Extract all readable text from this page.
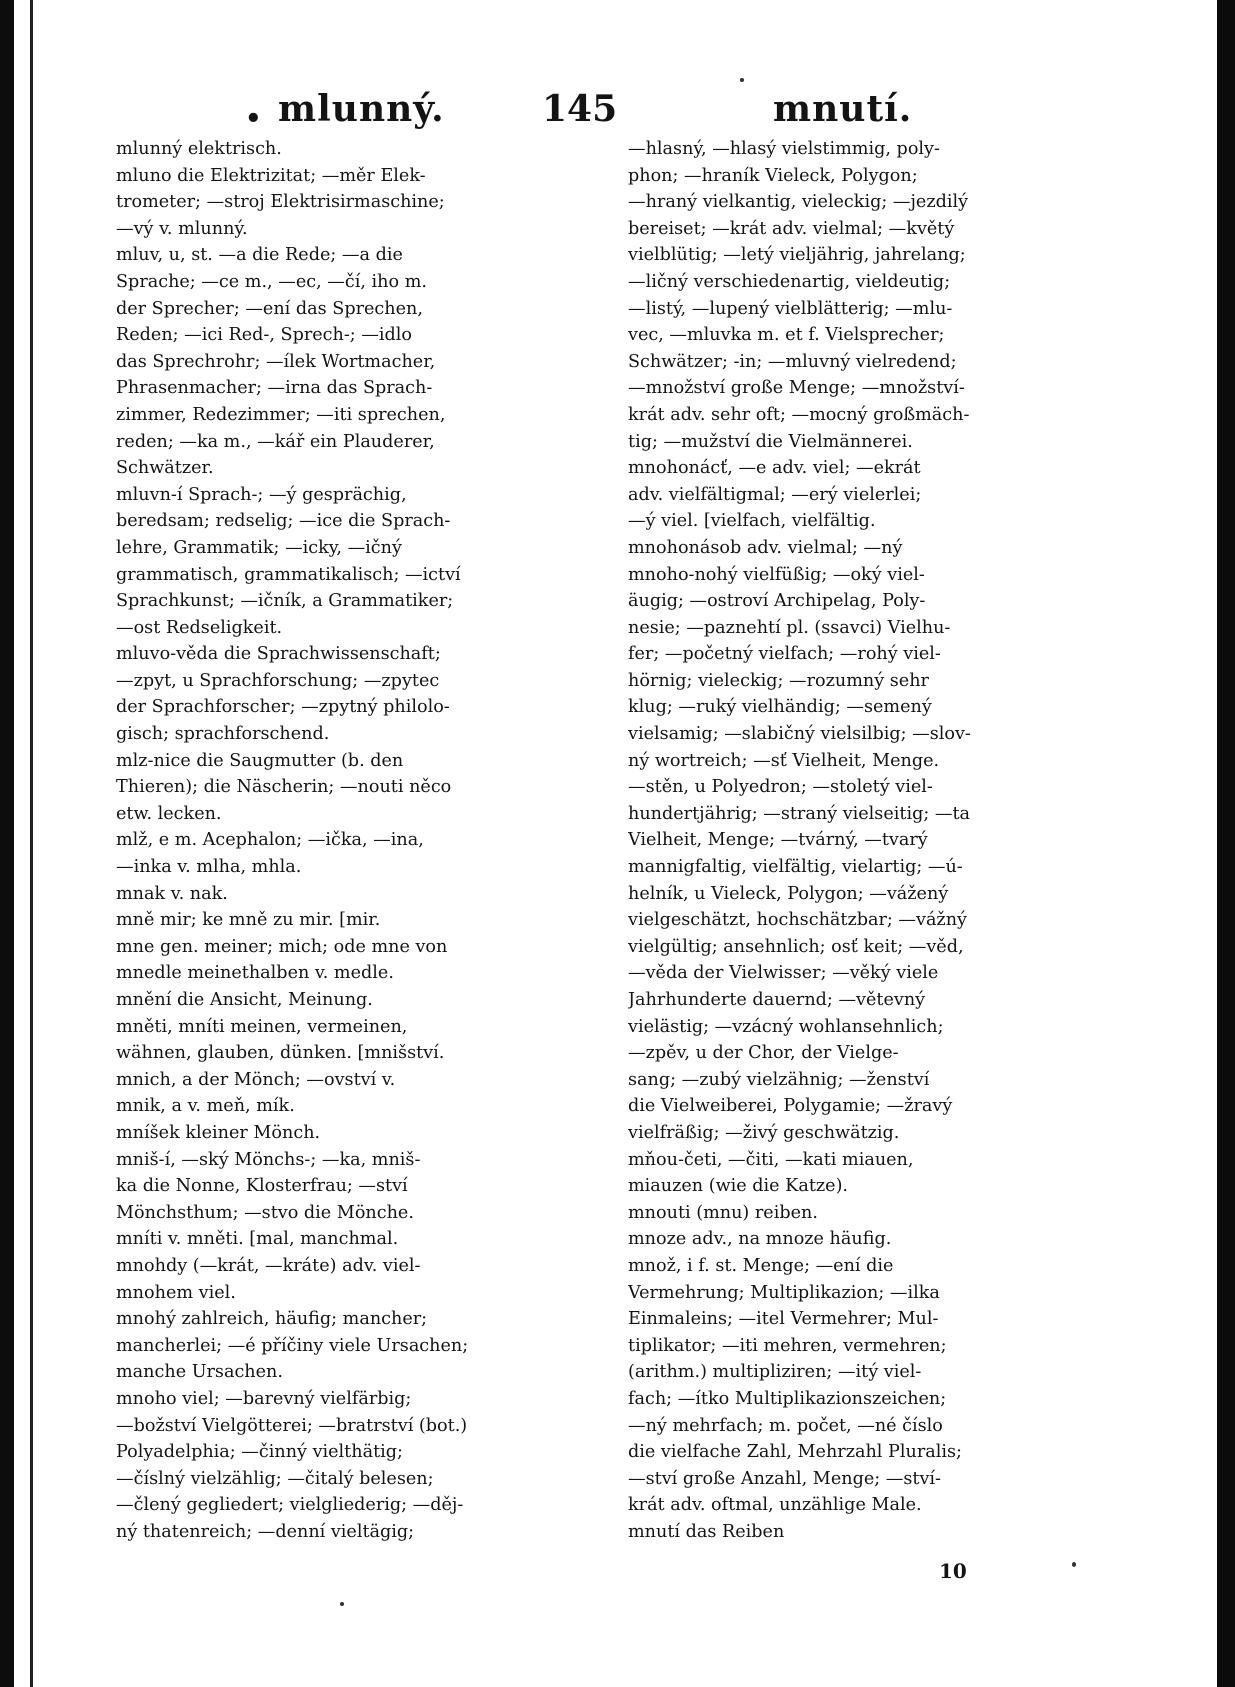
• mlunný.	145	mnutí.
mlunný elektrisch.
mluno die Elektrizitat; —měr Elek-
trometer; —stroj Elektrisirmaschine;
—vý v. mlunný.
mluv, u, st. —a die Rede; —a die
Sprache; —ce m., —ec, —čí, iho m.
der Sprecher; —ení das Sprechen,
Reden; —ici Red-, Sprech-; —idlo
das Sprechrohr; —ílek Wortmacher,
Phrasenmacher; —irna das Sprach-
zimmer, Redezimmer; —iti sprechen,
reden; —ka m., —kář ein Plauderer,
Schwätzer.
mluvn-í Sprach-; —ý gesprächig,
beredsam; redselig; —ice die Sprach-
lehre, Grammatik; —icky, —ičný
grammatisch, grammatikalisch; —ictví
Sprachkunst; —ičník, a Grammatiker;
—ost Redseligkeit.
mluvo-věda die Sprachwissenschaft;
—zpyt, u Sprachforschung; —zpytec
der Sprachforscher; —zpytný philolo-
gisch; sprachforschend.
mlz-nice die Saugmutter (b. den
Thieren); die Näscherin; —nouti něco
etw. lecken.
mlž, e m. Acephalon; —ička, —ina,
—inka v. mlha, mhla.
mnak v. nak.
mně mir; ke mně zu mir. [mir.
mne gen. meiner; mich; ode mne von
mnedle meinethalben v. medle.
mnění die Ansicht, Meinung.
mněti, mníti meinen, vermeinen,
wähnen, glauben, dünken. [mnišství.
mnich, a der Mönch; —ovství v.
mnik, a v. meň, mík.
mníšek kleiner Mönch.
mniš-í, —ský Mönchs-; —ka, mniš-
ka die Nonne, Klosterfrau; —ství
Mönchsthum; —stvo die Mönche.
mníti v. mněti. [mal, manchmal.
mnohdy (—krát, —kráte) adv. viel-
mnohem viel.
mnohý zahlreich, häufig; mancher;
mancherlei; —é příčiny viele Ursachen;
manche Ursachen.
mnoho viel; —barevný vielfärbig;
—božství Vielgötterei; —bratrství (bot.)
Polyadelphia; —činný vielthätig;
—číslný vielzählig; —čitalý belesen;
—člený gegliedert; vielgliederig; —děj-
ný thatenreich; —denní vieltägig;
—hlasný, —hlasý vielstimmig, poly-
phon; —hraník Vieleck, Polygon;
—hraný vielkantig, vieleckig; —jezdilý
bereiset; —krát adv. vielmal; —květý
vielblütig; —letý vieljährig, jahrelang;
—ličný verschiedenartig, vieldeutig;
—listý, —lupený vielblätterig; —mlu-
vec, —mluvka m. et f. Vielsprecher;
Schwätzer; -in; —mluvný vielredend;
—množství große Menge; —množství-
krát adv. sehr oft; —mocný großmäch-
tig; —mužství die Vielmännerei.
mnohonácť, —e adv. viel; —ekrát
adv. vielfältigmal; —erý vielerlei;
—ý viel. [vielfach, vielfältig.
mnohonásob adv. vielmal; —ný
mnoho-nohý vielfüßig; —oký viel-
äugig; —ostroví Archipelag, Poly-
nesie; —paznehtí pl. (ssavci) Vielhu-
fer; —početný vielfach; —rohý viel-
hörnig; vieleckig; —rozumný sehr
klug; —ruký vielhändig; —semený
vielsamig; —slabičný vielsilbig; —slov-
ný wortreich; —sť Vielheit, Menge.
—stěn, u Polyedron; —stoletý viel-
hundertjährig; —straný vielseitig; —ta
Vielheit, Menge; —tvárný, —tvarý
mannigfaltig, vielfältig, vielartig; —ú-
helník, u Vieleck, Polygon; —vážený
vielgeschätzt, hochschätzbar; —vážný
vielgültig; ansehnlich; osť keit; —věd,
—věda der Vielwisser; —věký viele
Jahrhunderte dauernd; —větevný
vielästig; —vzácný wohlansehnlich;
—zpěv, u der Chor, der Vielge-
sang; —zubý vielzähnig; —ženství
die Vielweiberei, Polygamie; —žravý
vielfräßig; —živý geschwätzig.
mňou-četi, —čiti, —kati miauen,
miauzen (wie die Katze).
mnouti (mnu) reiben.
mnoze adv., na mnoze häufig.
množ, i f. st. Menge; —ení die
Vermehrung; Multiplikazion; —ilka
Einmaleins; —itel Vermehrer; Mul-
tiplikator; —iti mehren, vermehren;
(arithm.) multipliziren; —itý viel-
fach; —ítko Multiplikazionszeichen;
—ný mehrfach; m. počet, —né číslo
die vielfache Zahl, Mehrzahl Pluralis;
—ství große Anzahl, Menge; —ství-
krát adv. oftmal, unzählige Male.
mnutí das Reiben
10
